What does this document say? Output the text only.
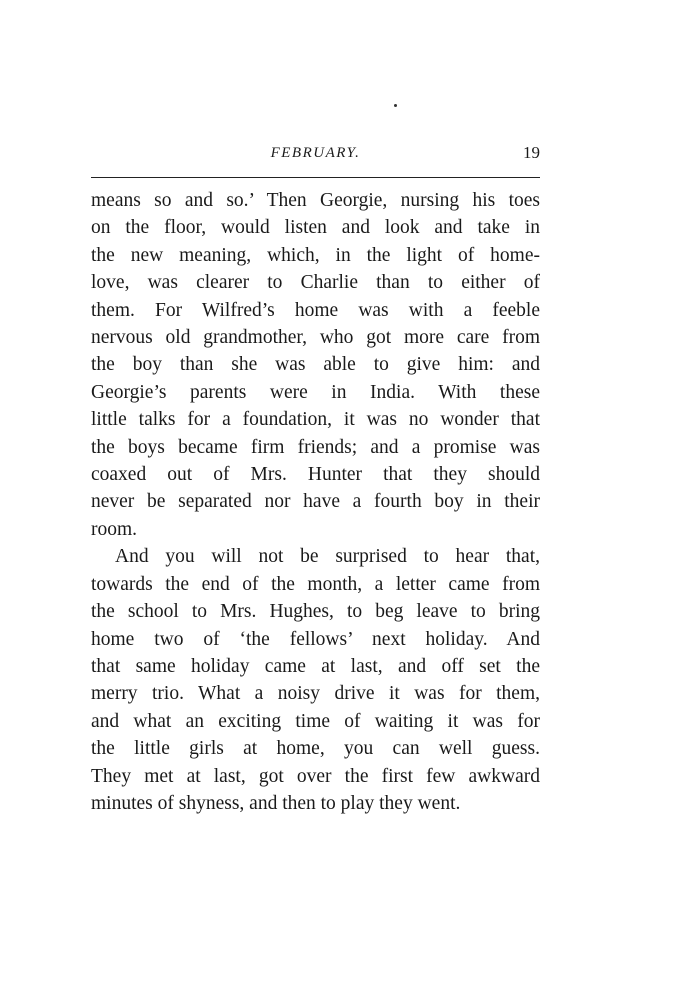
FEBRUARY.	19
means so and so.’ Then Georgie, nursing his toes
on the floor, would listen and look and take in
the new meaning, which, in the light of home-
love, was clearer to Charlie than to either of
them. For Wilfred’s home was with a feeble
nervous old grandmother, who got more care from
the boy than she was able to give him: and
Georgie’s parents were in India. With these
little talks for a foundation, it was no wonder that
the boys became firm friends; and a promise was
coaxed out of Mrs. Hunter that they should
never be separated nor have a fourth boy in their
room.
And you will not be surprised to hear that,
towards the end of the month, a letter came from
the school to Mrs. Hughes, to beg leave to bring
home two of ‘the fellows’ next holiday. And
that same holiday came at last, and off set the
merry trio. What a noisy drive it was for them,
and what an exciting time of waiting it was for
the little girls at home, you can well guess.
They met at last, got over the first few awkward
minutes of shyness, and then to play they went.
